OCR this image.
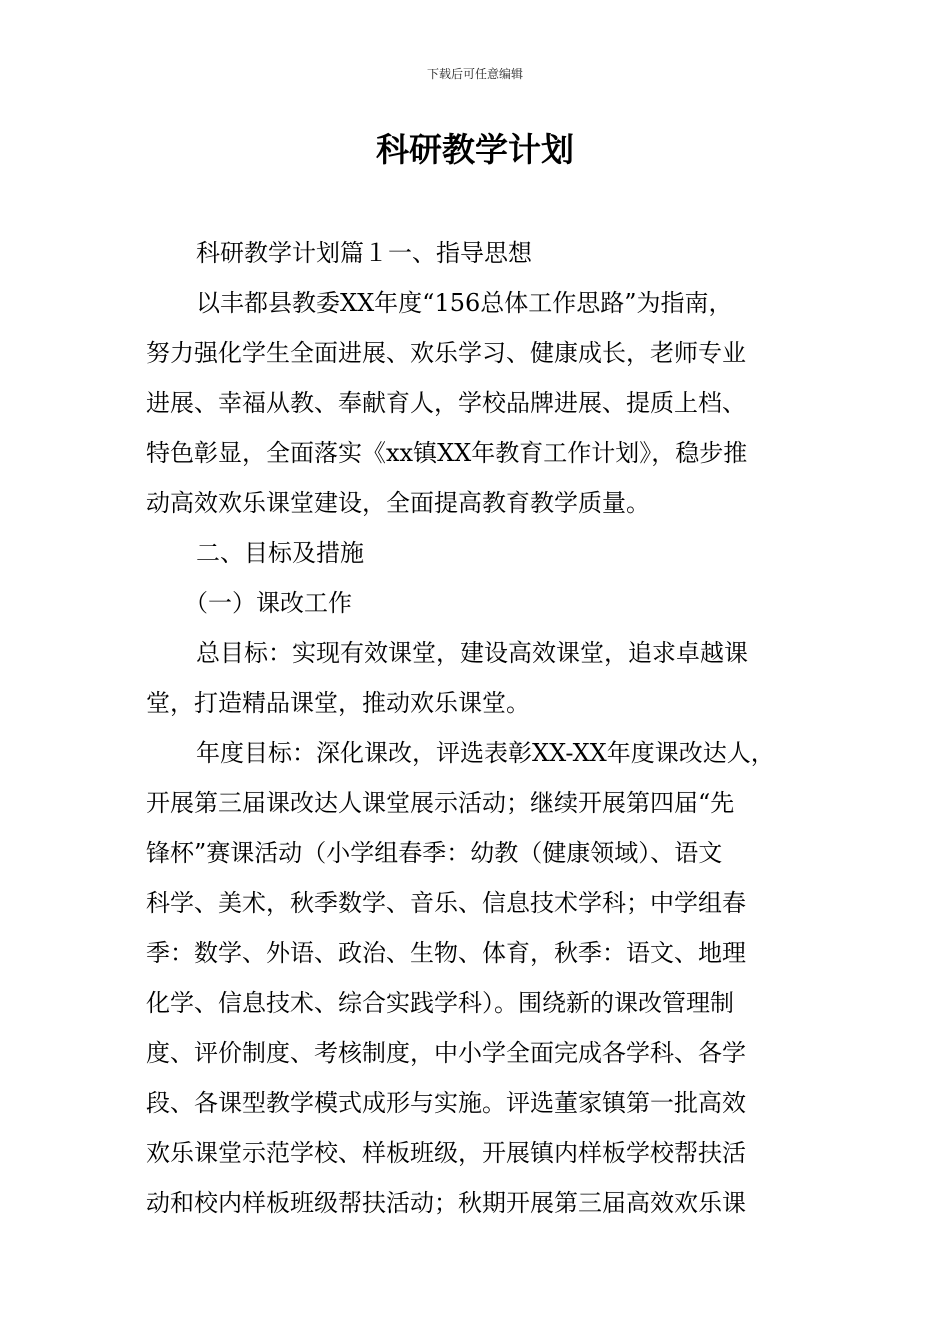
下载后可任意编辑
科研教学计划
科研教学计划篇１一、指导思想
以丰都县教委XX年度“156总体工作思路”为指南，
努力强化学生全面进展、欢乐学习、健康成长，老师专业
进展、幸福从教、奉献育人，学校品牌进展、提质上档、
特色彰显，全面落实《xx镇XX年教育工作计划》，稳步推
动高效欢乐课堂建设，全面提高教育教学质量。
二、目标及措施
（一）课改工作
总目标：实现有效课堂，建设高效课堂，追求卓越课
堂，打造精品课堂，推动欢乐课堂。
年度目标：深化课改，评选表彰XX-XX年度课改达人，
开展第三届课改达人课堂展示活动；继续开展第四届“先
锋杯”赛课活动（小学组春季：幼教（健康领域）、语文
科学、美术，秋季数学、音乐、信息技术学科；中学组春
季：数学、外语、政治、生物、体育，秋季：语文、地理
化学、信息技术、综合实践学科）。围绕新的课改管理制
度、评价制度、考核制度，中小学全面完成各学科、各学
段、各课型教学模式成形与实施。评选董家镇第一批高效
欢乐课堂示范学校、样板班级，开展镇内样板学校帮扶活
动和校内样板班级帮扶活动；秋期开展第三届高效欢乐课
